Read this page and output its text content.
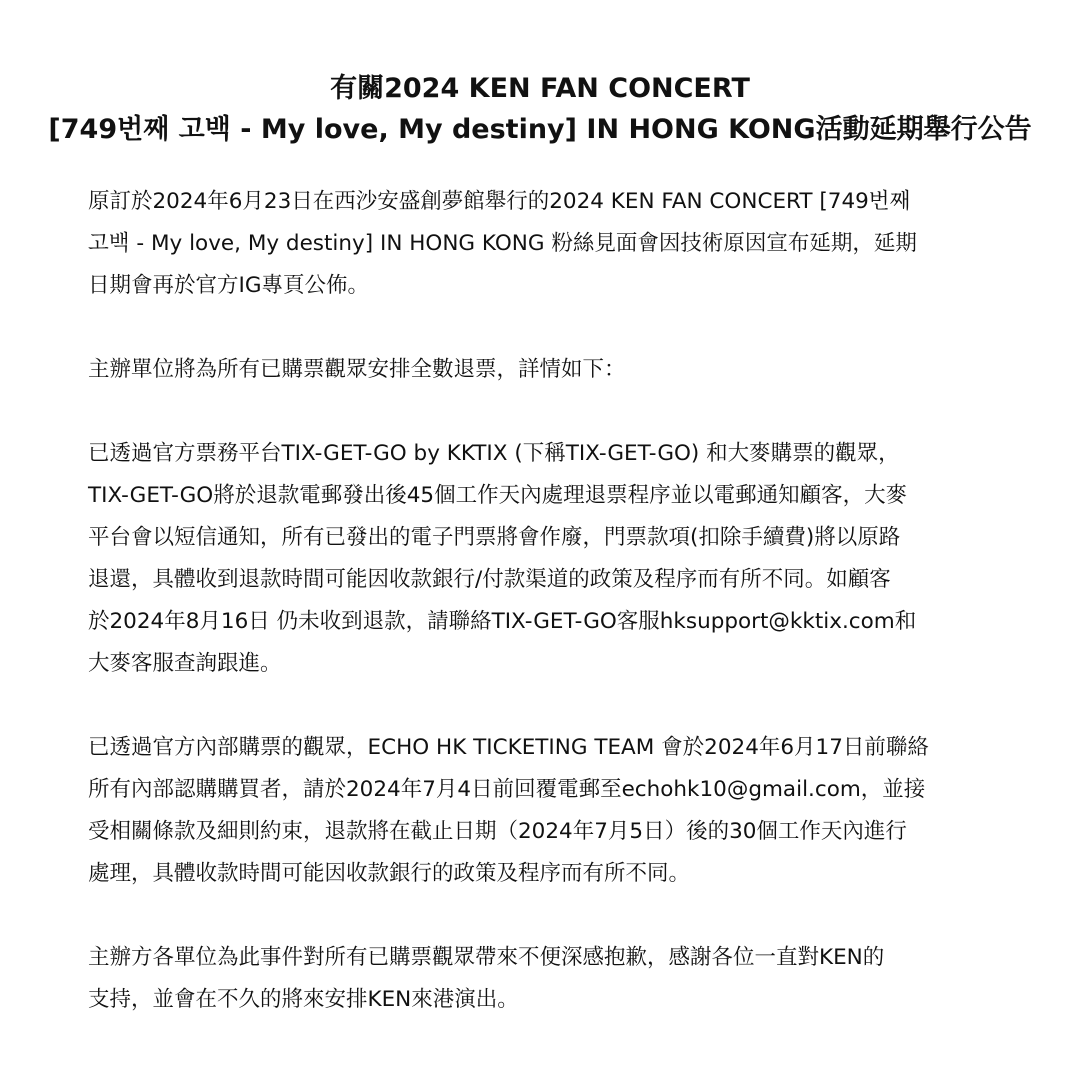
有關2024 KEN FAN CONCERT
[749번째 고백 - My love, My destiny] IN HONG KONG活動延期舉行公告

原訂於2024年6月23日在西沙安盛創夢館舉行的2024 KEN FAN CONCERT [749번째
고백 - My love, My destiny] IN HONG KONG 粉絲見面會因技術原因宣布延期，延期
日期會再於官方IG專頁公佈。

主辦單位將為所有已購票觀眾安排全數退票，詳情如下：

已透過官方票務平台TIX-GET-GO by KKTIX (下稱TIX-GET-GO) 和大麥購票的觀眾，
TIX-GET-GO將於退款電郵發出後45個工作天內處理退票程序並以電郵通知顧客，大麥
平台會以短信通知，所有已發出的電子門票將會作廢，門票款項(扣除手續費)將以原路
退還，具體收到退款時間可能因收款銀行/付款渠道的政策及程序而有所不同。如顧客
於2024年8月16日 仍未收到退款，請聯絡TIX-GET-GO客服hksupport@kktix.com和
大麥客服查詢跟進。

已透過官方內部購票的觀眾，ECHO HK TICKETING TEAM 會於2024年6月17日前聯絡
所有內部認購購買者，請於2024年7月4日前回覆電郵至echohk10@gmail.com，並接
受相關條款及細則約束，退款將在截止日期（2024年7月5日）後的30個工作天內進行
處理，具體收款時間可能因收款銀行的政策及程序而有所不同。

主辦方各單位為此事件對所有已購票觀眾帶來不便深感抱歉，感謝各位一直對KEN的
支持，並會在不久的將來安排KEN來港演出。
